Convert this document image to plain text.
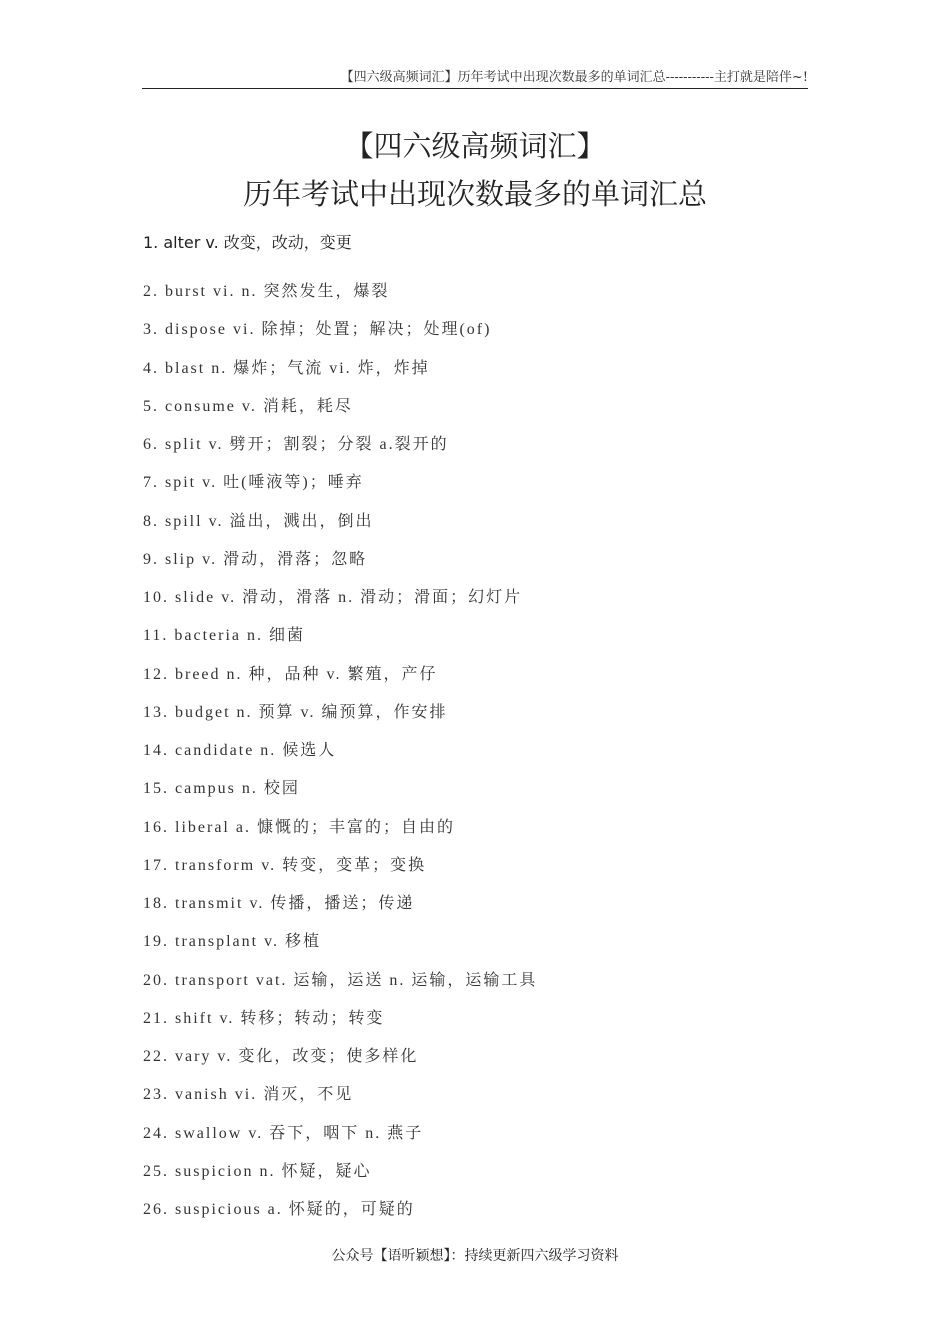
【四六级高频词汇】历年考试中出现次数最多的单词汇总-----------主打就是陪伴~!
【四六级高频词汇】
历年考试中出现次数最多的单词汇总
1. alter v. 改变，改动，变更
2. burst vi. n. 突然发生，爆裂
3. dispose vi. 除掉；处置；解决；处理(of)
4. blast n. 爆炸；气流 vi. 炸，炸掉
5. consume v. 消耗，耗尽
6. split v. 劈开；割裂；分裂 a.裂开的
7. spit v. 吐(唾液等)；唾弃
8. spill v. 溢出，溅出，倒出
9. slip v. 滑动，滑落；忽略
10. slide v. 滑动，滑落 n. 滑动；滑面；幻灯片
11. bacteria n. 细菌
12. breed n. 种，品种 v. 繁殖，产仔
13. budget n. 预算 v. 编预算，作安排
14. candidate n. 候选人
15. campus n. 校园
16. liberal a. 慷慨的；丰富的；自由的
17. transform v. 转变，变革；变换
18. transmit v. 传播，播送；传递
19. transplant v. 移植
20. transport vat. 运输，运送 n. 运输，运输工具
21. shift v. 转移；转动；转变
22. vary v. 变化，改变；使多样化
23. vanish vi. 消灭，不见
24. swallow v. 吞下，咽下 n. 燕子
25. suspicion n. 怀疑，疑心
26. suspicious a. 怀疑的，可疑的
公众号【语听颖想】：持续更新四六级学习资料
